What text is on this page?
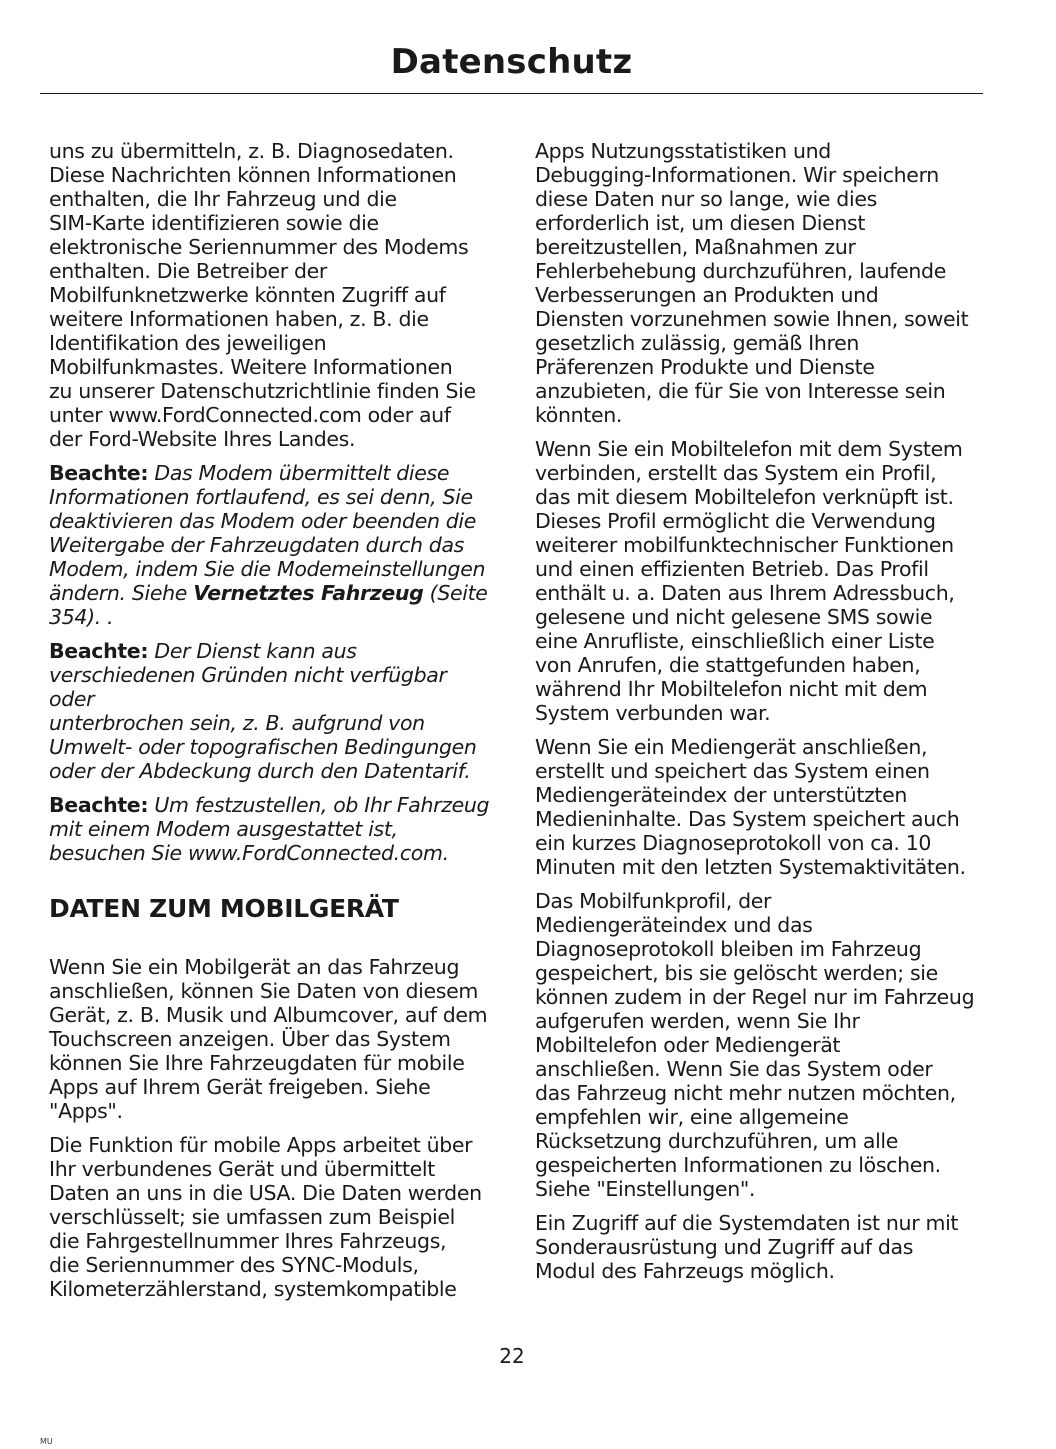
Datenschutz

uns zu übermitteln, z. B. Diagnosedaten.
Diese Nachrichten können Informationen
enthalten, die Ihr Fahrzeug und die
SIM-Karte identifizieren sowie die
elektronische Seriennummer des Modems
enthalten. Die Betreiber der
Mobilfunknetzwerke könnten Zugriff auf
weitere Informationen haben, z. B. die
Identifikation des jeweiligen
Mobilfunkmastes. Weitere Informationen
zu unserer Datenschutzrichtlinie finden Sie
unter www.FordConnected.com oder auf
der Ford-Website Ihres Landes.

Beachte: Das Modem übermittelt diese
Informationen fortlaufend, es sei denn, Sie
deaktivieren das Modem oder beenden die
Weitergabe der Fahrzeugdaten durch das
Modem, indem Sie die Modemeinstellungen
ändern. Siehe Vernetztes Fahrzeug (Seite
354). .

Beachte: Der Dienst kann aus
verschiedenen Gründen nicht verfügbar oder
unterbrochen sein, z. B. aufgrund von
Umwelt- oder topografischen Bedingungen
oder der Abdeckung durch den Datentarif.

Beachte: Um festzustellen, ob Ihr Fahrzeug
mit einem Modem ausgestattet ist,
besuchen Sie www.FordConnected.com.

DATEN ZUM MOBILGERÄT

Wenn Sie ein Mobilgerät an das Fahrzeug
anschließen, können Sie Daten von diesem
Gerät, z. B. Musik und Albumcover, auf dem
Touchscreen anzeigen. Über das System
können Sie Ihre Fahrzeugdaten für mobile
Apps auf Ihrem Gerät freigeben. Siehe
"Apps".

Die Funktion für mobile Apps arbeitet über
Ihr verbundenes Gerät und übermittelt
Daten an uns in die USA. Die Daten werden
verschlüsselt; sie umfassen zum Beispiel
die Fahrgestellnummer Ihres Fahrzeugs,
die Seriennummer des SYNC-Moduls,
Kilometerzählerstand, systemkompatible

Apps Nutzungsstatistiken und
Debugging-Informationen. Wir speichern
diese Daten nur so lange, wie dies
erforderlich ist, um diesen Dienst
bereitzustellen, Maßnahmen zur
Fehlerbehebung durchzuführen, laufende
Verbesserungen an Produkten und
Diensten vorzunehmen sowie Ihnen, soweit
gesetzlich zulässig, gemäß Ihren
Präferenzen Produkte und Dienste
anzubieten, die für Sie von Interesse sein
könnten.

Wenn Sie ein Mobiltelefon mit dem System
verbinden, erstellt das System ein Profil,
das mit diesem Mobiltelefon verknüpft ist.
Dieses Profil ermöglicht die Verwendung
weiterer mobilfunktechnischer Funktionen
und einen effizienten Betrieb. Das Profil
enthält u. a. Daten aus Ihrem Adressbuch,
gelesene und nicht gelesene SMS sowie
eine Anrufliste, einschließlich einer Liste
von Anrufen, die stattgefunden haben,
während Ihr Mobiltelefon nicht mit dem
System verbunden war.

Wenn Sie ein Mediengerät anschließen,
erstellt und speichert das System einen
Mediengeräteindex der unterstützten
Medieninhalte. Das System speichert auch
ein kurzes Diagnoseprotokoll von ca. 10
Minuten mit den letzten Systemaktivitäten.

Das Mobilfunkprofil, der
Mediengeräteindex und das
Diagnoseprotokoll bleiben im Fahrzeug
gespeichert, bis sie gelöscht werden; sie
können zudem in der Regel nur im Fahrzeug
aufgerufen werden, wenn Sie Ihr
Mobiltelefon oder Mediengerät
anschließen. Wenn Sie das System oder
das Fahrzeug nicht mehr nutzen möchten,
empfehlen wir, eine allgemeine
Rücksetzung durchzuführen, um alle
gespeicherten Informationen zu löschen.
Siehe "Einstellungen".

Ein Zugriff auf die Systemdaten ist nur mit
Sonderausrüstung und Zugriff auf das
Modul des Fahrzeugs möglich.

22
MU
